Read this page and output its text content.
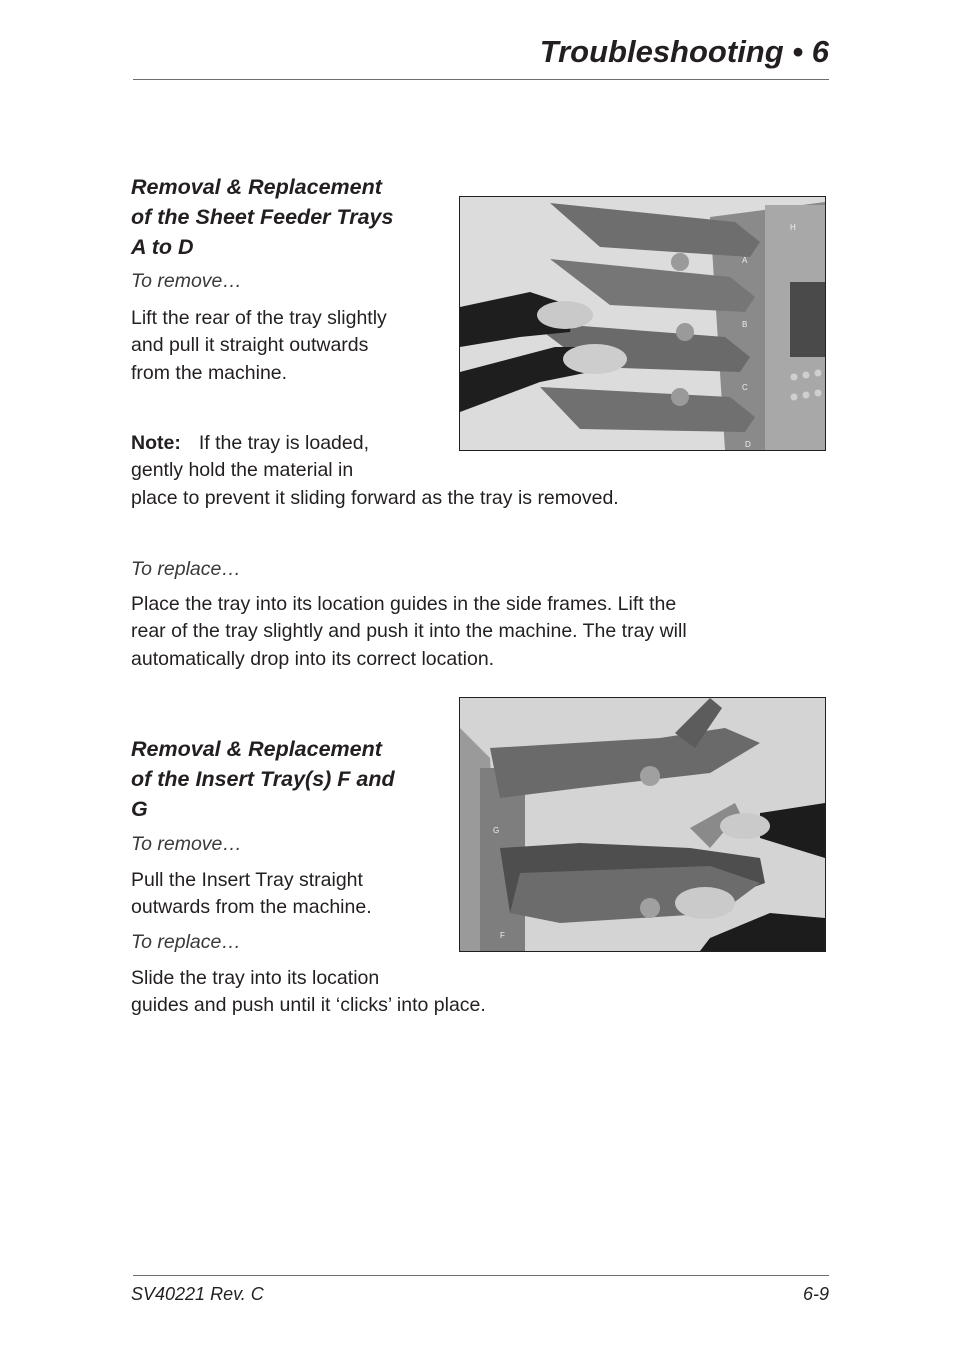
Troubleshooting • 6
Removal & Replacement
of the Sheet Feeder Trays
A to D

To remove…

Lift the rear of the tray slightly
and pull it straight outwards
from the machine.

Note: If the tray is loaded,
gently hold the material in
place to prevent it sliding forward as the tray is removed.

To replace…

Place the tray into its location guides in the side frames. Lift the
rear of the tray slightly and push it into the machine. The tray will
automatically drop into its correct location.

H
A
B
C
D
Removal & Replacement
of the Insert Tray(s) F and
G

To remove…

Pull the Insert Tray straight
outwards from the machine.

To replace…

Slide the tray into its location
guides and push until it ‘clicks’ into place.

G
F

SV40221 Rev. C	6-9
